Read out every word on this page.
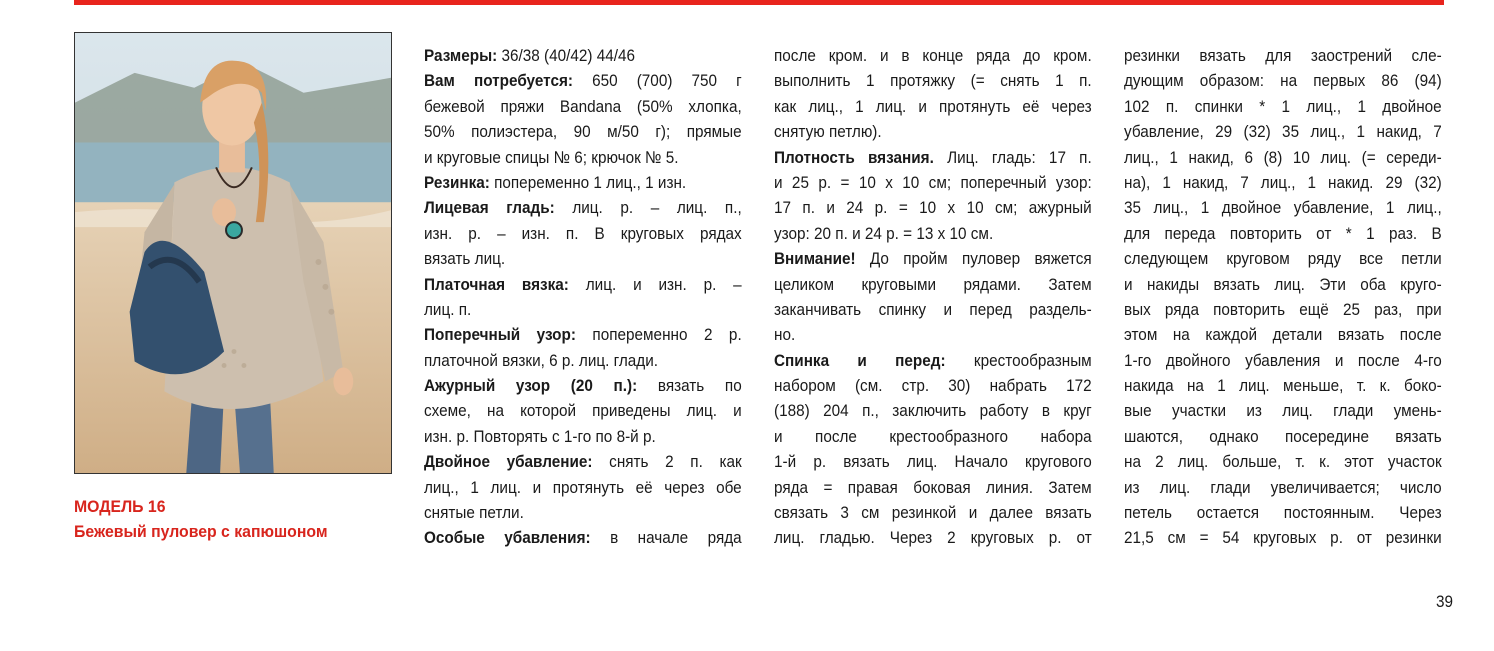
МОДЕЛЬ 16
Бежевый пуловер с капюшоном
Размеры: 36/38 (40/42) 44/46
Вам потребуется: 650 (700) 750 г
бежевой пряжи Bandana (50% хлопка,
50% полиэстера, 90 м/50 г); прямые
и круговые спицы № 6; крючок № 5.
Резинка: попеременно 1 лиц., 1 изн.
Лицевая гладь: лиц. р. – лиц. п.,
изн. р. – изн. п. В круговых рядах
вязать лиц.
Платочная вязка: лиц. и изн. р. –
лиц. п.
Поперечный узор: попеременно 2 р.
платочной вязки, 6 р. лиц. глади.
Ажурный узор (20 п.): вязать по
схеме, на которой приведены лиц. и
изн. р. Повторять с 1-го по 8-й р.
Двойное убавление: снять 2 п. как
лиц., 1 лиц. и протянуть её через обе
снятые петли.
Особые убавления: в начале ряда
после кром. и в конце ряда до кром.
выполнить 1 протяжку (= снять 1 п.
как лиц., 1 лиц. и протянуть её через
снятую петлю).
Плотность вязания. Лиц. гладь: 17 п.
и 25 р. = 10 х 10 см; поперечный узор:
17 п. и 24 р. = 10 х 10 см; ажурный
узор: 20 п. и 24 р. = 13 х 10 см.
Внимание! До пройм пуловер вяжется
целиком круговыми рядами. Затем
заканчивать спинку и перед раздель-
но.
Спинка и перед: крестообразным
набором (см. стр. 30) набрать 172
(188) 204 п., заключить работу в круг
и после крестообразного набора
1-й р. вязать лиц. Начало кругового
ряда = правая боковая линия. Затем
связать 3 см резинкой и далее вязать
лиц. гладью. Через 2 круговых р. от
резинки вязать для заострений сле-
дующим образом: на первых 86 (94)
102 п. спинки * 1 лиц., 1 двойное
убавление, 29 (32) 35 лиц., 1 накид, 7
лиц., 1 накид, 6 (8) 10 лиц. (= середи-
на), 1 накид, 7 лиц., 1 накид. 29 (32)
35 лиц., 1 двойное убавление, 1 лиц.,
для переда повторить от * 1 раз. В
следующем круговом ряду все петли
и накиды вязать лиц. Эти оба круго-
вых ряда повторить ещё 25 раз, при
этом на каждой детали вязать после
1-го двойного убавления и после 4-го
накида на 1 лиц. меньше, т. к. боко-
вые участки из лиц. глади умень-
шаются, однако посередине вязать
на 2 лиц. больше, т. к. этот участок
из лиц. глади увеличивается; число
петель остается постоянным. Через
21,5 см = 54 круговых р. от резинки
39
